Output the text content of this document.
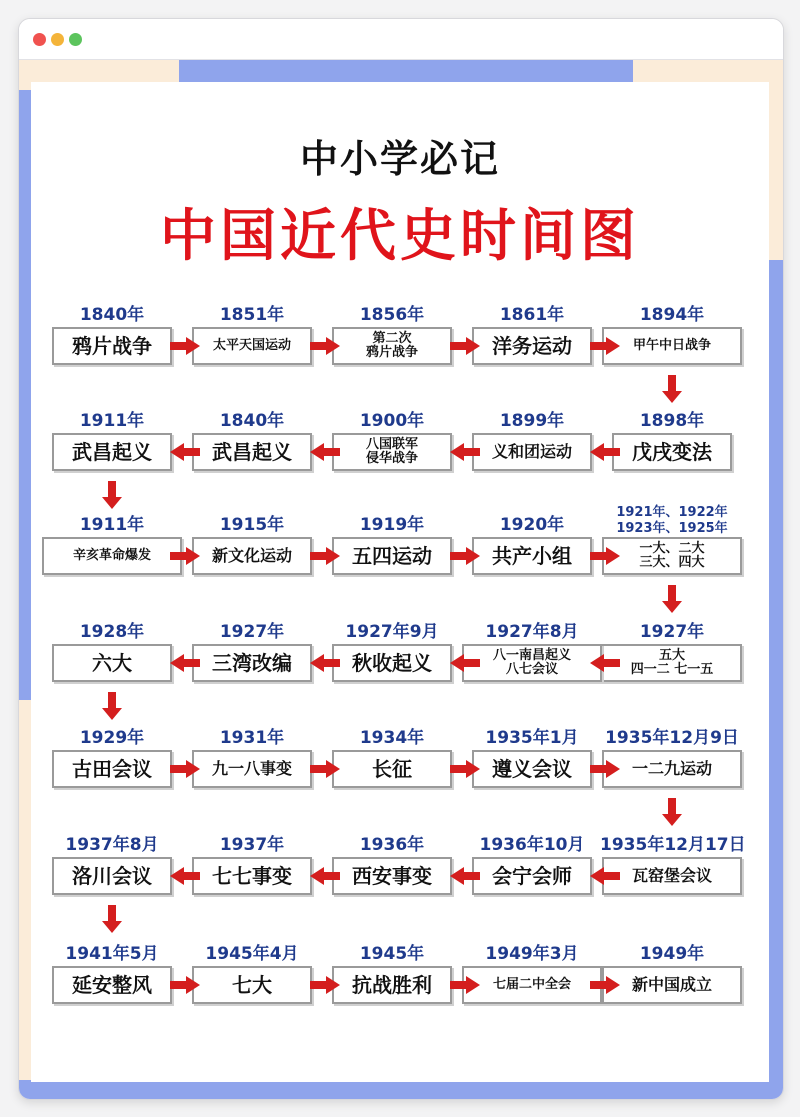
中小学必记
中国近代史时间图
1840年
鸦片战争
1851年
太平天国运动
1856年
第二次
鸦片战争
1861年
洋务运动
1894年
甲午中日战争
1898年
戊戌变法
1899年
义和团运动
1900年
八国联军
侵华战争
1840年
武昌起义
1911年
武昌起义
1911年
辛亥革命爆发
1915年
新文化运动
1919年
五四运动
1920年
共产小组
1921年、1922年
1923年、1925年
一大、二大
三大、四大
1927年
五大
四一二 七一五
1927年8月
八一南昌起义
八七会议
1927年9月
秋收起义
1927年
三湾改编
1928年
六大
1929年
古田会议
1931年
九一八事变
1934年
长征
1935年1月
遵义会议
1935年12月9日
一二九运动
1935年12月17日
瓦窑堡会议
1936年10月
会宁会师
1936年
西安事变
1937年
七七事变
1937年8月
洛川会议
1941年5月
延安整风
1945年4月
七大
1945年
抗战胜利
1949年3月
七届二中全会
1949年
新中国成立
